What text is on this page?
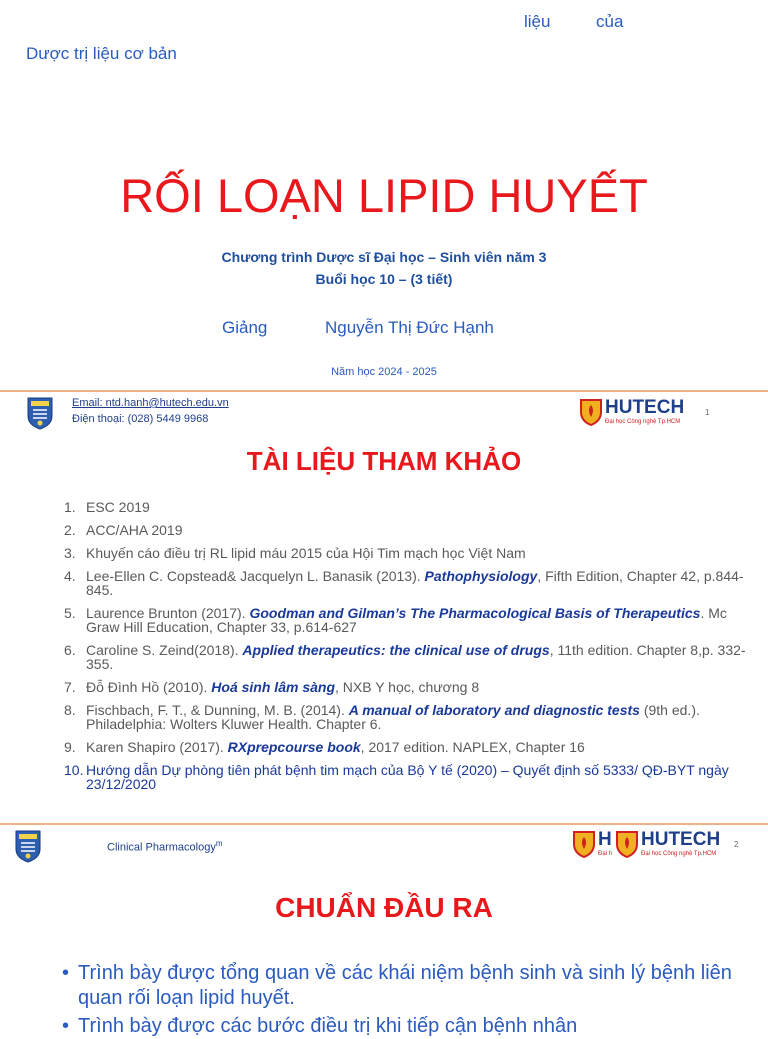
liệu	của
Dược trị liệu cơ bản
RỐI LOẠN LIPID HUYẾT
Chương trình Dược sĩ Đại học – Sinh viên năm 3
Buổi học 10 – (3 tiết)
Giảng	Nguyễn Thị Đức Hạnh
Năm học 2024 - 2025
Email: ntd.hanh@hutech.edu.vn
Điện thoại: (028) 5449 9968
HUTECH
Đại học Công nghệ Tp.HCM
1
TÀI LIỆU THAM KHẢO
1. ESC 2019
2. ACC/AHA 2019
3. Khuyến cáo điều trị RL lipid máu 2015 của Hội Tim mạch học Việt Nam
4. Lee-Ellen C. Copstead& Jacquelyn L. Banasik (2013). Pathophysiology, Fifth Edition, Chapter 42, p.844-845.
5. Laurence Brunton (2017). Goodman and Gilman’s The Pharmacological Basis of Therapeutics. Mc Graw Hill Education, Chapter 33, p.614-627
6. Caroline S. Zeind(2018). Applied therapeutics: the clinical use of drugs, 11th edition. Chapter 8,p. 332-355.
7. Đỗ Đình Hồ (2010). Hoá sinh lâm sàng, NXB Y học, chương 8
8. Fischbach, F. T., & Dunning, M. B. (2014). A manual of laboratory and diagnostic tests (9th ed.). Philadelphia: Wolters Kluwer Health. Chapter 6.
9. Karen Shapiro (2017). RXprepcourse book, 2017 edition. NAPLEX, Chapter 16
10. Hướng dẫn Dự phòng tiên phát bệnh tim mạch của Bộ Y tế (2020) – Quyết định số 5333/ QĐ-BYT ngày 23/12/2020
Clinical Pharmacology$^m$	H
Đại h
HUTECH
Đại học Công nghệ Tp.HCM
2
CHUẨN ĐẦU RA
• Trình bày được tổng quan về các khái niệm bệnh sinh và sinh lý bệnh liên quan rối loạn lipid huyết.
• Trình bày được các bước điều trị khi tiếp cận bệnh nhân
